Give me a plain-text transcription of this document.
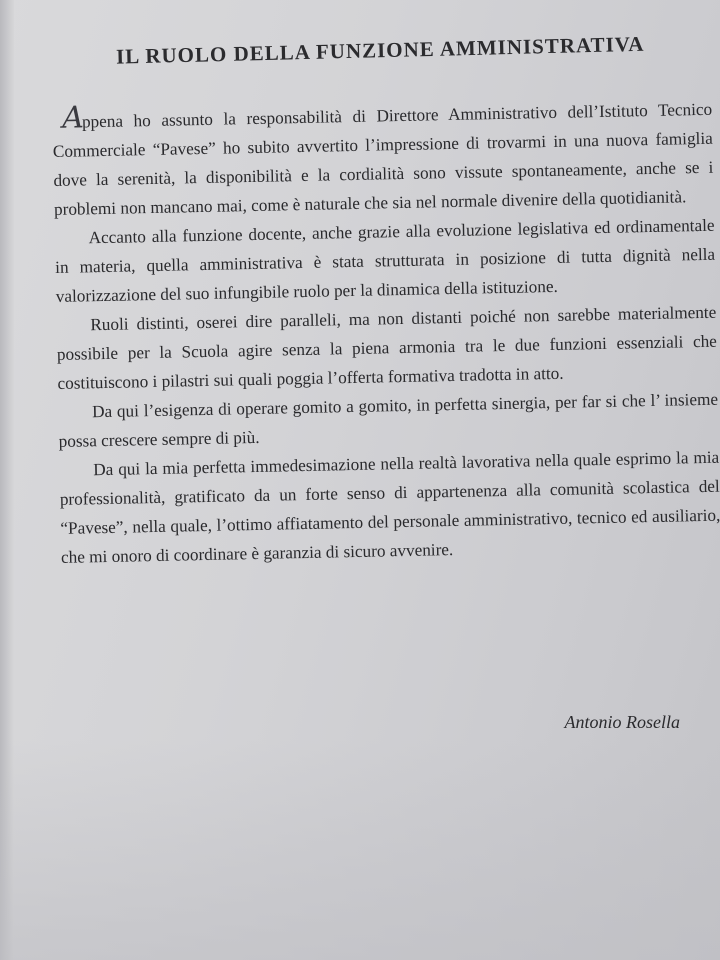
IL RUOLO DELLA FUNZIONE AMMINISTRATIVA

Appena ho assunto la responsabilità di Direttore Amministrativo dell’Istituto Tecnico Commerciale “Pavese” ho subito avvertito l’impressione di trovarmi in una nuova famiglia dove la serenità, la disponibilità e la cordialità sono vissute spontaneamente, anche se i problemi non mancano mai, come è naturale che sia nel normale divenire della quotidianità.

Accanto alla funzione docente, anche grazie alla evoluzione legislativa ed ordinamentale in materia, quella amministrativa è stata strutturata in posizione di tutta dignità nella valorizzazione del suo infungibile ruolo per la dinamica della istituzione.

Ruoli distinti, oserei dire paralleli, ma non distanti poiché non sarebbe materialmente possibile per la Scuola agire senza la piena armonia tra le due funzioni essenziali che costituiscono i pilastri sui quali poggia l’offerta formativa tradotta in atto.

Da qui l’esigenza di operare gomito a gomito, in perfetta sinergia, per far si che l’ insieme possa crescere sempre di più.

Da qui la mia perfetta immedesimazione nella realtà lavorativa nella quale esprimo la mia professionalità, gratificato da un forte senso di appartenenza alla comunità scolastica del “Pavese”, nella quale, l’ottimo affiatamento del personale amministrativo, tecnico ed ausiliario, che mi onoro di coordinare è garanzia di sicuro avvenire.

Antonio Rosella
